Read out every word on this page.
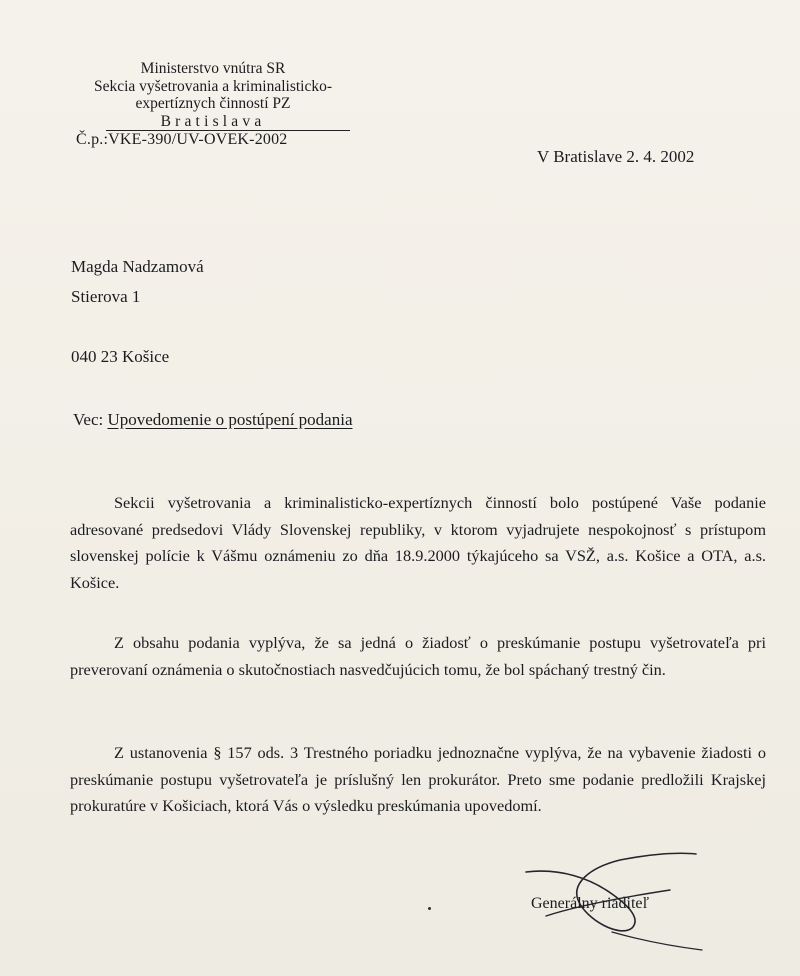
Ministerstvo vnútra SR
Sekcia vyšetrovania a kriminalisticko-
expertíznych činností PZ
Bratislava
Č.p.:VKE-390/UV-OVEK-2002
V Bratislave 2. 4. 2002
Magda Nadzamová
Stierova 1
040 23 Košice
Vec: Upovedomenie o postúpení podania
Sekcii vyšetrovania a kriminalisticko-expertíznych činností bolo postúpené Vaše podanie adresované predsedovi Vlády Slovenskej republiky, v ktorom vyjadrujete nespokojnosť s prístupom slovenskej polície k Vášmu oznámeniu zo dňa 18.9.2000 týkajúceho sa VSŽ, a.s. Košice a OTA, a.s. Košice.
Z obsahu podania vyplýva, že sa jedná o žiadosť o preskúmanie postupu vyšetrovateľa pri preverovaní oznámenia o skutočnostiach nasvedčujúcich tomu, že bol spáchaný trestný čin.
Z ustanovenia § 157 ods. 3 Trestného poriadku jednoznačne vyplýva, že na vybavenie žiadosti o preskúmanie postupu vyšetrovateľa je príslušný len prokurátor. Preto sme podanie predložili Krajskej prokuratúre v Košiciach, ktorá Vás o výsledku preskúmania upovedomí.
Generálny riaditeľ
